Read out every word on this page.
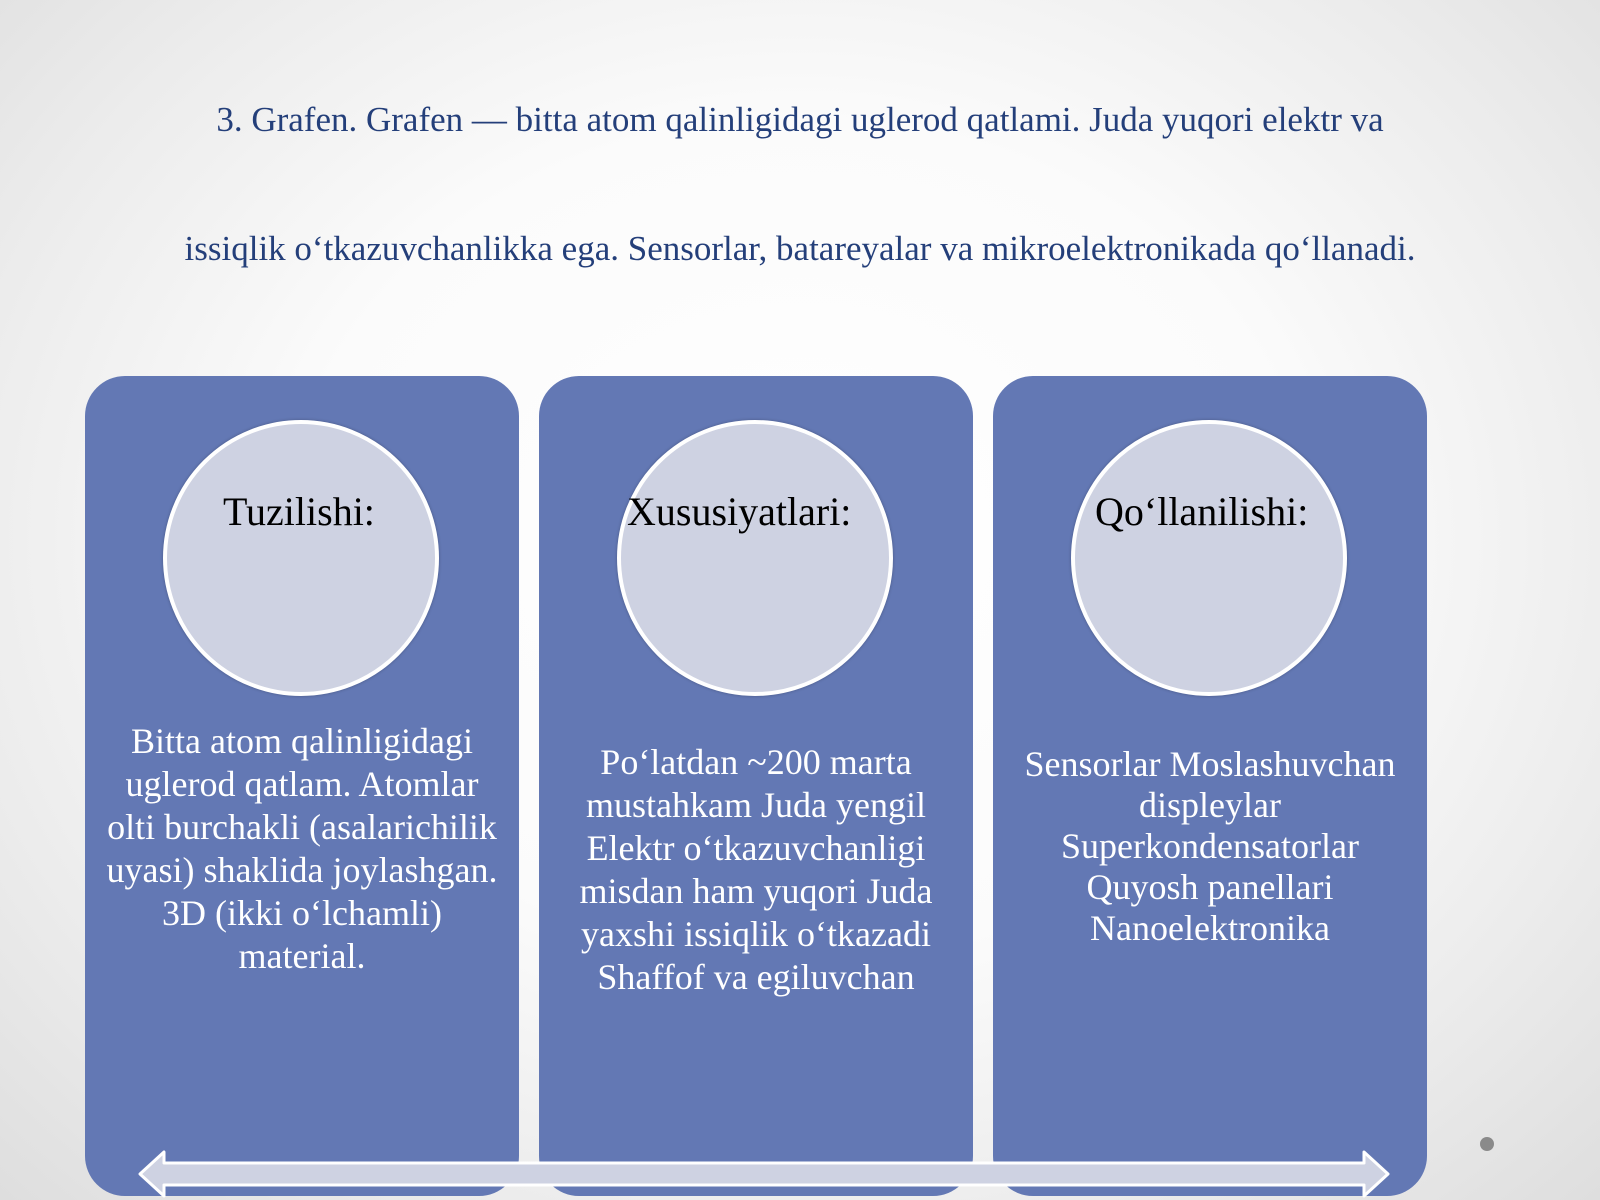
3. Grafen. Grafen — bitta atom qalinligidagi uglerod qatlami. Juda yuqori elektr va
issiqlik o‘tkazuvchanlikka ega. Sensorlar, batareyalar va mikroelektronikada qo‘llanadi.
Tuzilishi:
Bitta atom qalinligidagi uglerod qatlam. Atomlar olti burchakli (asalarichilik uyasi) shaklida joylashgan. 3D (ikki o‘lchamli) material.
Xususiyatlari:
Po‘latdan ~200 marta mustahkam Juda yengil Elektr o‘tkazuvchanligi misdan ham yuqori Juda yaxshi issiqlik o‘tkazadi Shaffof va egiluvchan
Qo‘llanilishi:
Sensorlar Moslashuvchan displeylar Superkondensatorlar Quyosh panellari Nanoelektronika
